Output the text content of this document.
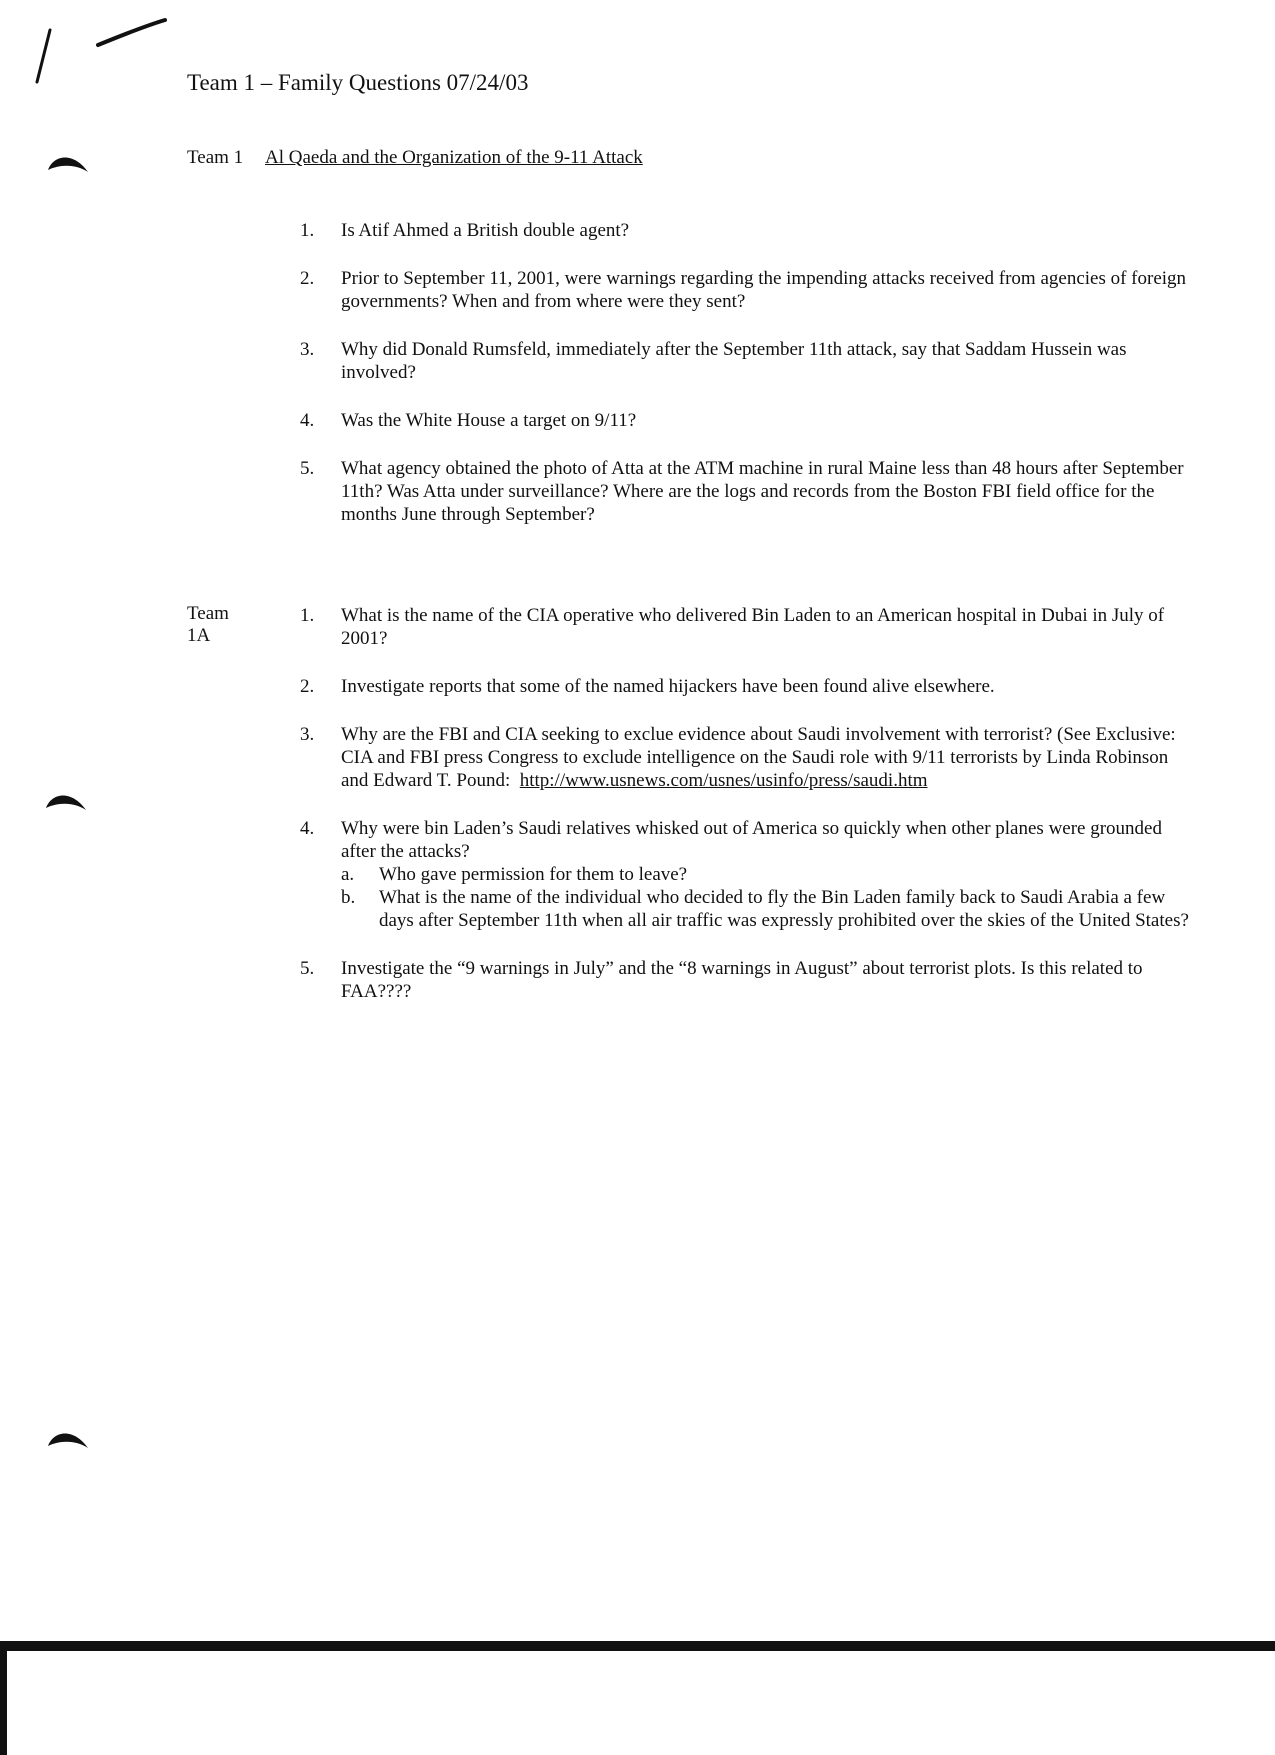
Team 1 – Family Questions 07/24/03
Team 1 Al Qaeda and the Organization of the 9-11 Attack
1.	Is Atif Ahmed a British double agent?
2.	Prior to September 11, 2001, were warnings regarding the impending attacks received from agencies of foreign governments? When and from where were they sent?
3.	Why did Donald Rumsfeld, immediately after the September 11th attack, say that Saddam Hussein was involved?
4.	Was the White House a target on 9/11?
5.	What agency obtained the photo of Atta at the ATM machine in rural Maine less than 48 hours after September 11th? Was Atta under surveillance? Where are the logs and records from the Boston FBI field office for the months June through September?
Team
1A
1.	What is the name of the CIA operative who delivered Bin Laden to an American hospital in Dubai in July of 2001?
2.	Investigate reports that some of the named hijackers have been found alive elsewhere.
3.	Why are the FBI and CIA seeking to exclue evidence about Saudi involvement with terrorist? (See Exclusive: CIA and FBI press Congress to exclude intelligence on the Saudi role with 9/11 terrorists by Linda Robinson and Edward T. Pound: http://www.usnews.com/usnes/usinfo/press/saudi.htm
4.	Why were bin Laden’s Saudi relatives whisked out of America so quickly when other planes were grounded after the attacks?
a. Who gave permission for them to leave?
b. What is the name of the individual who decided to fly the Bin Laden family back to Saudi Arabia a few days after September 11th when all air traffic was expressly prohibited over the skies of the United States?
5.	Investigate the “9 warnings in July” and the “8 warnings in August” about terrorist plots. Is this related to FAA????
